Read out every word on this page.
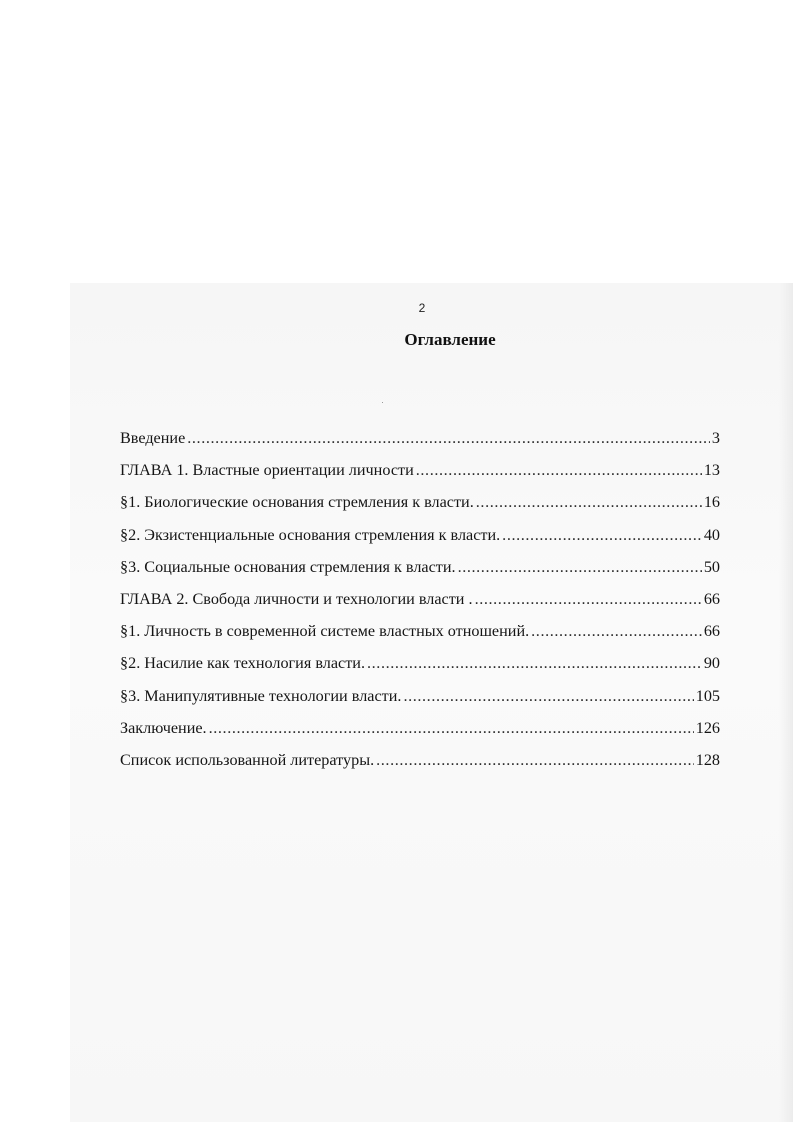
2
Оглавление
Введение .....	3
ГЛАВА 1. Властные ориентации личности .....	13
§1. Биологические основания стремления к власти. .....	16
§2. Экзистенциальные основания стремления к власти. .....	40
§3. Социальные основания стремления к власти. .....	50
ГЛАВА 2. Свобода личности и технологии власти . .....	66
§1. Личность в современной системе властных отношений. .....	66
§2. Насилие как технология власти. .....	90
§3. Манипулятивные технологии власти. .....	105
Заключение. .....	126
Список использованной литературы. .....	128
